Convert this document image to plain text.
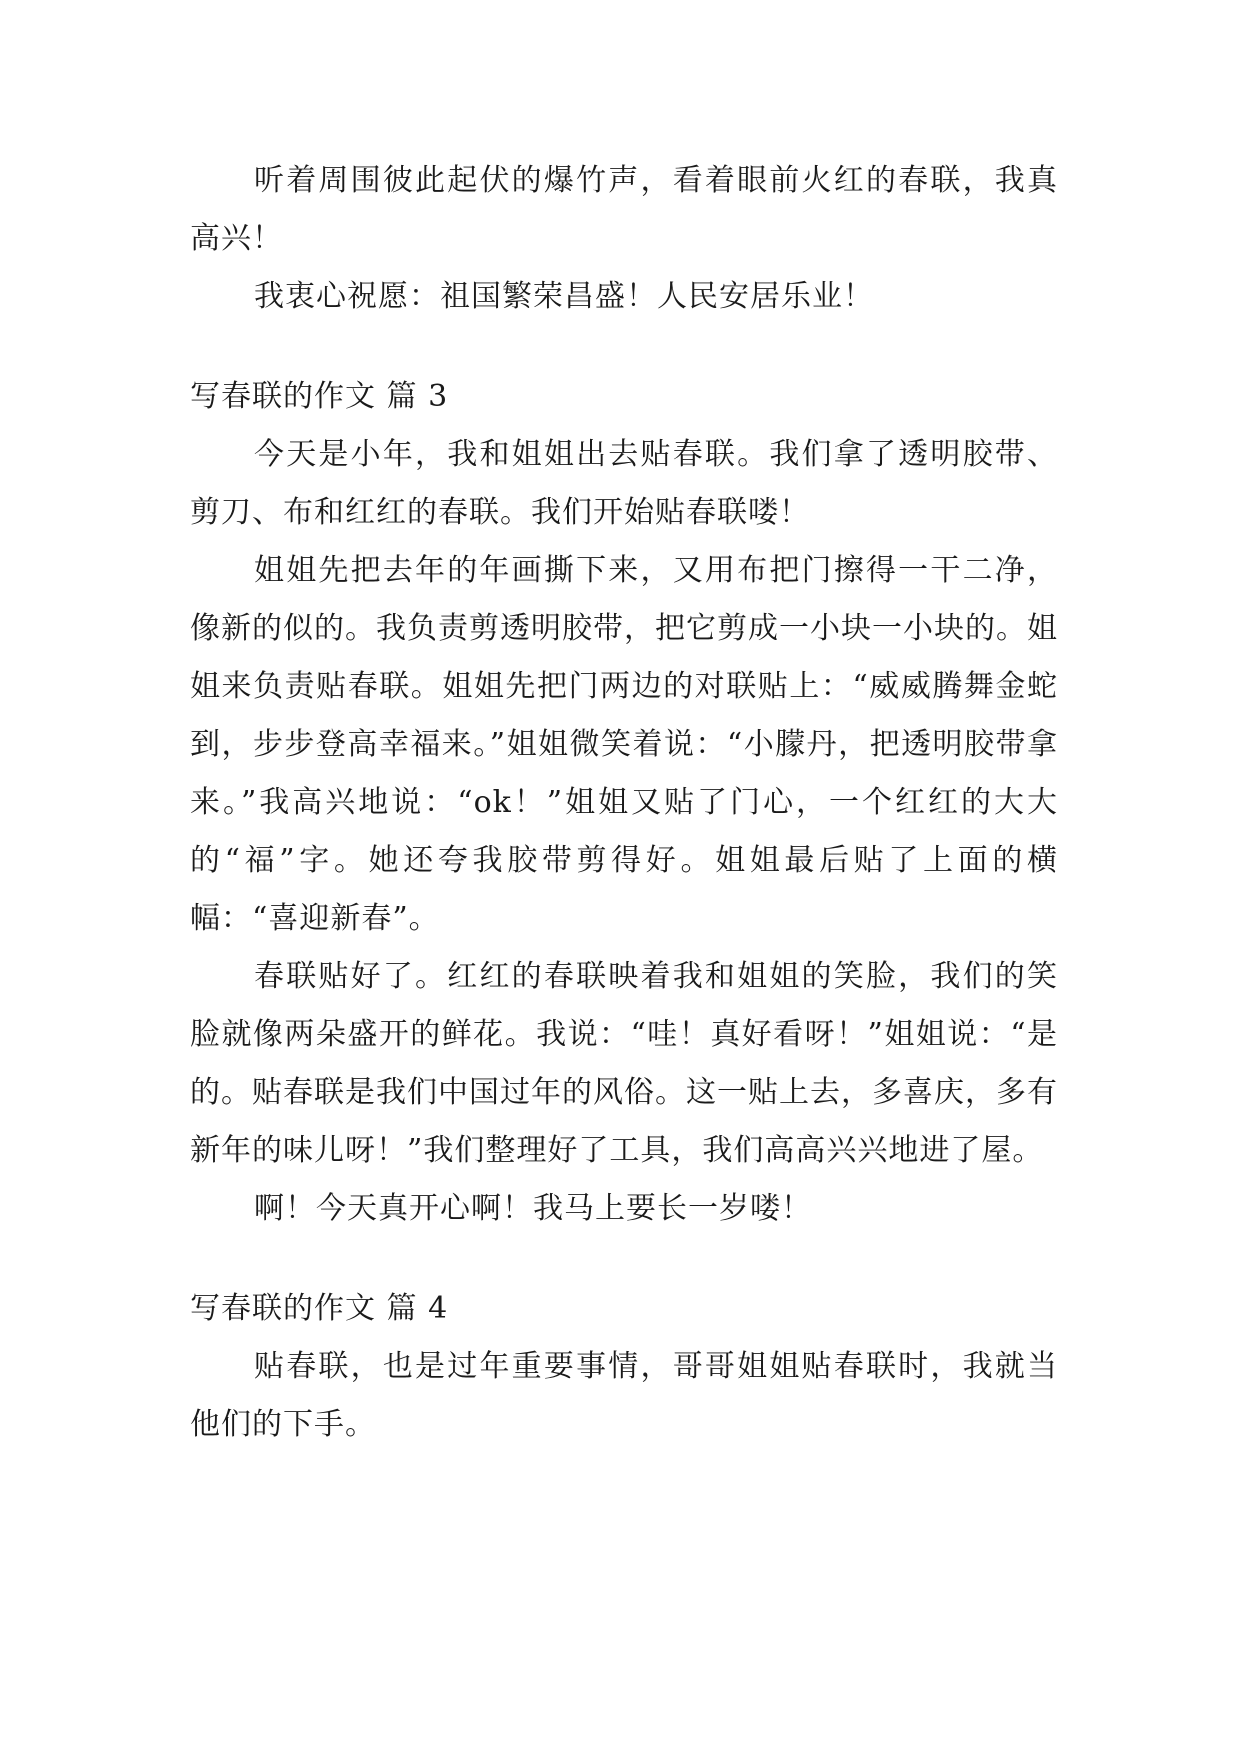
听着周围彼此起伏的爆竹声，看着眼前火红的春联，我真高兴！

我衷心祝愿：祖国繁荣昌盛！人民安居乐业！

写春联的作文 篇 3

今天是小年，我和姐姐出去贴春联。我们拿了透明胶带、剪刀、布和红红的春联。我们开始贴春联喽！

姐姐先把去年的年画撕下来，又用布把门擦得一干二净，像新的似的。我负责剪透明胶带，把它剪成一小块一小块的。姐姐来负责贴春联。姐姐先把门两边的对联贴上：“威威腾舞金蛇到，步步登高幸福来。”姐姐微笑着说：“小朦丹，把透明胶带拿来。”我高兴地说：“ok！”姐姐又贴了门心，一个红红的大大的“福”字。她还夸我胶带剪得好。姐姐最后贴了上面的横幅：“喜迎新春”。

春联贴好了。红红的春联映着我和姐姐的笑脸，我们的笑脸就像两朵盛开的鲜花。我说：“哇！真好看呀！”姐姐说：“是的。贴春联是我们中国过年的风俗。这一贴上去，多喜庆，多有新年的味儿呀！”我们整理好了工具，我们高高兴兴地进了屋。

啊！今天真开心啊！我马上要长一岁喽！

写春联的作文 篇 4

贴春联，也是过年重要事情，哥哥姐姐贴春联时，我就当他们的下手。
